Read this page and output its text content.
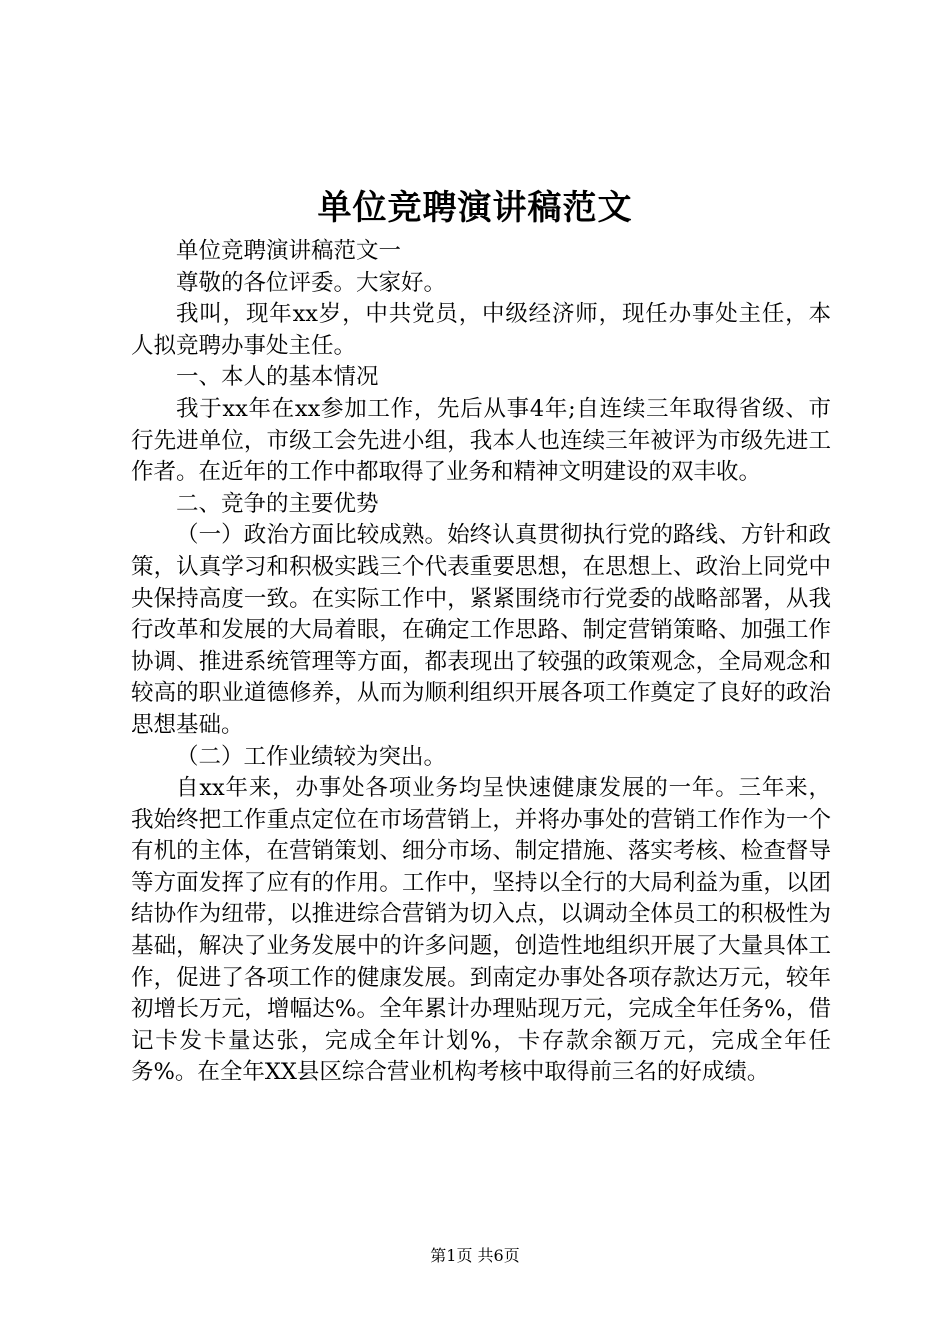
单位竞聘演讲稿范文

单位竞聘演讲稿范文一

尊敬的各位评委。大家好。

我叫，现年xx岁，中共党员，中级经济师，现任办事处主任，本人拟竞聘办事处主任。

一、本人的基本情况

我于xx年在xx参加工作，先后从事4年;自连续三年取得省级、市行先进单位，市级工会先进小组，我本人也连续三年被评为市级先进工作者。在近年的工作中都取得了业务和精神文明建设的双丰收。

二、竞争的主要优势

（一）政治方面比较成熟。始终认真贯彻执行党的路线、方针和政策，认真学习和积极实践三个代表重要思想，在思想上、政治上同党中央保持高度一致。在实际工作中，紧紧围绕市行党委的战略部署，从我行改革和发展的大局着眼，在确定工作思路、制定营销策略、加强工作协调、推进系统管理等方面，都表现出了较强的政策观念，全局观念和较高的职业道德修养，从而为顺利组织开展各项工作奠定了良好的政治思想基础。

（二）工作业绩较为突出。

自xx年来，办事处各项业务均呈快速健康发展的一年。三年来，我始终把工作重点定位在市场营销上，并将办事处的营销工作作为一个有机的主体，在营销策划、细分市场、制定措施、落实考核、检查督导等方面发挥了应有的作用。工作中，坚持以全行的大局利益为重，以团结协作为纽带，以推进综合营销为切入点，以调动全体员工的积极性为基础，解决了业务发展中的许多问题，创造性地组织开展了大量具体工作，促进了各项工作的健康发展。到南定办事处各项存款达万元，较年初增长万元，增幅达%。全年累计办理贴现万元，完成全年任务%，借记卡发卡量达张，完成全年计划%，卡存款余额万元，完成全年任务%。在全年XX县区综合营业机构考核中取得前三名的好成绩。

第1页 共6页
